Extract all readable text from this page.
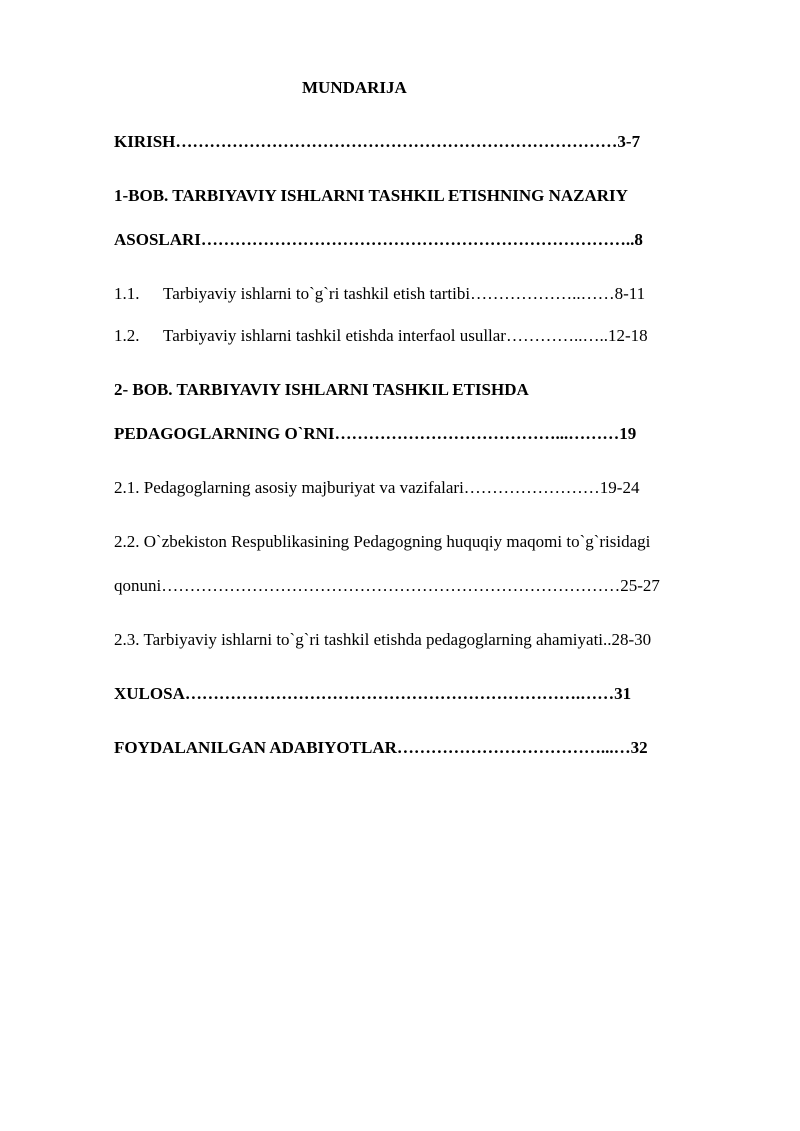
MUNDARIJA
KIRISH……………………………………………………………………3-7
1-BOB. TARBIYAVIY ISHLARNI TASHKIL ETISHNING NAZARIY
ASOSLARI…………………………………………………………………..8
1.1. Tarbiyaviy ishlarni to`g`ri tashkil etish tartibi………………..……8-11
1.2. Tarbiyaviy ishlarni tashkil etishda interfaol usullar…………..…..12-18
2- BOB. TARBIYAVIY ISHLARNI TASHKIL ETISHDA
PEDAGOGLARNING O`RNI…………………………………...………19
2.1. Pedagoglarning asosiy majburiyat va vazifalari……………………19-24
2.2. O`zbekiston Respublikasining Pedagogning huquqiy maqomi to`g`risidagi
qonuni………………………………………………………………………25-27
2.3. Tarbiyaviy ishlarni to`g`ri tashkil etishda pedagoglarning ahamiyati..28-30
XULOSA…………………………………………………………….……31
FOYDALANILGAN ADABIYOTLAR………………………………...…32
